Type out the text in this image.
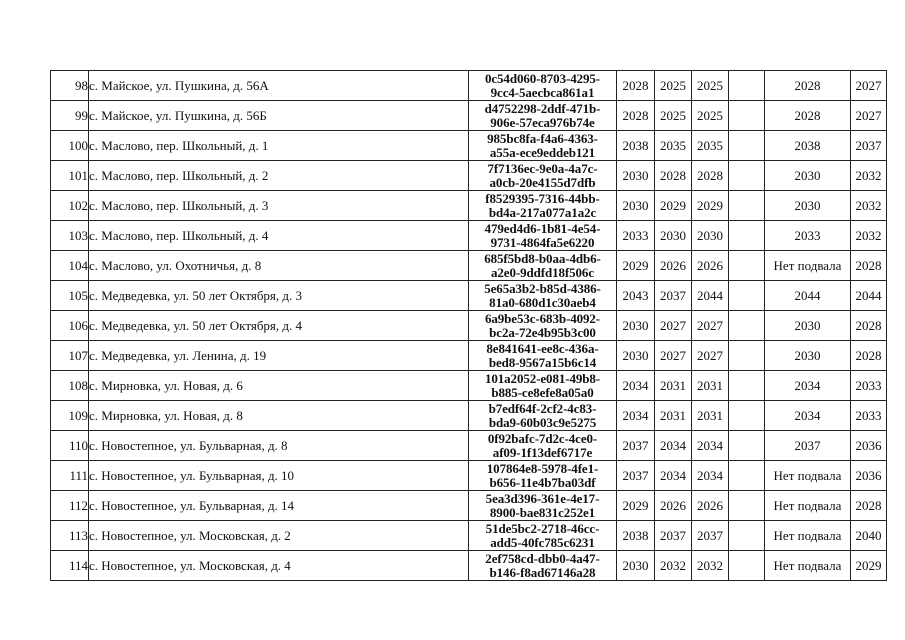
98	с. Майское, ул. Пушкина, д. 56А	0c54d060-8703-4295-
9cc4-5aecbca861a1	2028	2025	2025		2028	2027
99	с. Майское, ул. Пушкина, д. 56Б	d4752298-2ddf-471b-
906e-57eca976b74e	2028	2025	2025		2028	2027
100	с. Маслово, пер. Школьный, д. 1	985bc8fa-f4a6-4363-
a55a-ece9eddeb121	2038	2035	2035		2038	2037
101	с. Маслово, пер. Школьный, д. 2	7f7136ec-9e0a-4a7c-
a0cb-20e4155d7dfb	2030	2028	2028		2030	2032
102	с. Маслово, пер. Школьный, д. 3	f8529395-7316-44bb-
bd4a-217a077a1a2c	2030	2029	2029		2030	2032
103	с. Маслово, пер. Школьный, д. 4	479ed4d6-1b81-4e54-
9731-4864fa5e6220	2033	2030	2030		2033	2032
104	с. Маслово, ул. Охотничья, д. 8	685f5bd8-b0aa-4db6-
a2e0-9ddfd18f506c	2029	2026	2026		Нет подвала	2028
105	с. Медведевка, ул. 50 лет Октября, д. 3	5e65a3b2-b85d-4386-
81a0-680d1c30aeb4	2043	2037	2044		2044	2044
106	с. Медведевка, ул. 50 лет Октября, д. 4	6a9be53c-683b-4092-
bc2a-72e4b95b3c00	2030	2027	2027		2030	2028
107	с. Медведевка, ул. Ленина, д. 19	8e841641-ee8c-436a-
bed8-9567a15b6c14	2030	2027	2027		2030	2028
108	с. Мирновка, ул. Новая, д. 6	101a2052-e081-49b8-
b885-ce8efe8a05a0	2034	2031	2031		2034	2033
109	с. Мирновка, ул. Новая, д. 8	b7edf64f-2cf2-4c83-
bda9-60b03c9e5275	2034	2031	2031		2034	2033
110	с. Новостепное, ул. Бульварная, д. 8	0f92bafc-7d2c-4ce0-
af09-1f13def6717e	2037	2034	2034		2037	2036
111	с. Новостепное, ул. Бульварная, д. 10	107864e8-5978-4fe1-
b656-11e4b7ba03df	2037	2034	2034		Нет подвала	2036
112	с. Новостепное, ул. Бульварная, д. 14	5ea3d396-361e-4e17-
8900-bae831c252e1	2029	2026	2026		Нет подвала	2028
113	с. Новостепное, ул. Московская, д. 2	51de5bc2-2718-46cc-
add5-40fc785c6231	2038	2037	2037		Нет подвала	2040
114	с. Новостепное, ул. Московская, д. 4	2ef758cd-dbb0-4a47-
b146-f8ad67146a28	2030	2032	2032		Нет подвала	2029
